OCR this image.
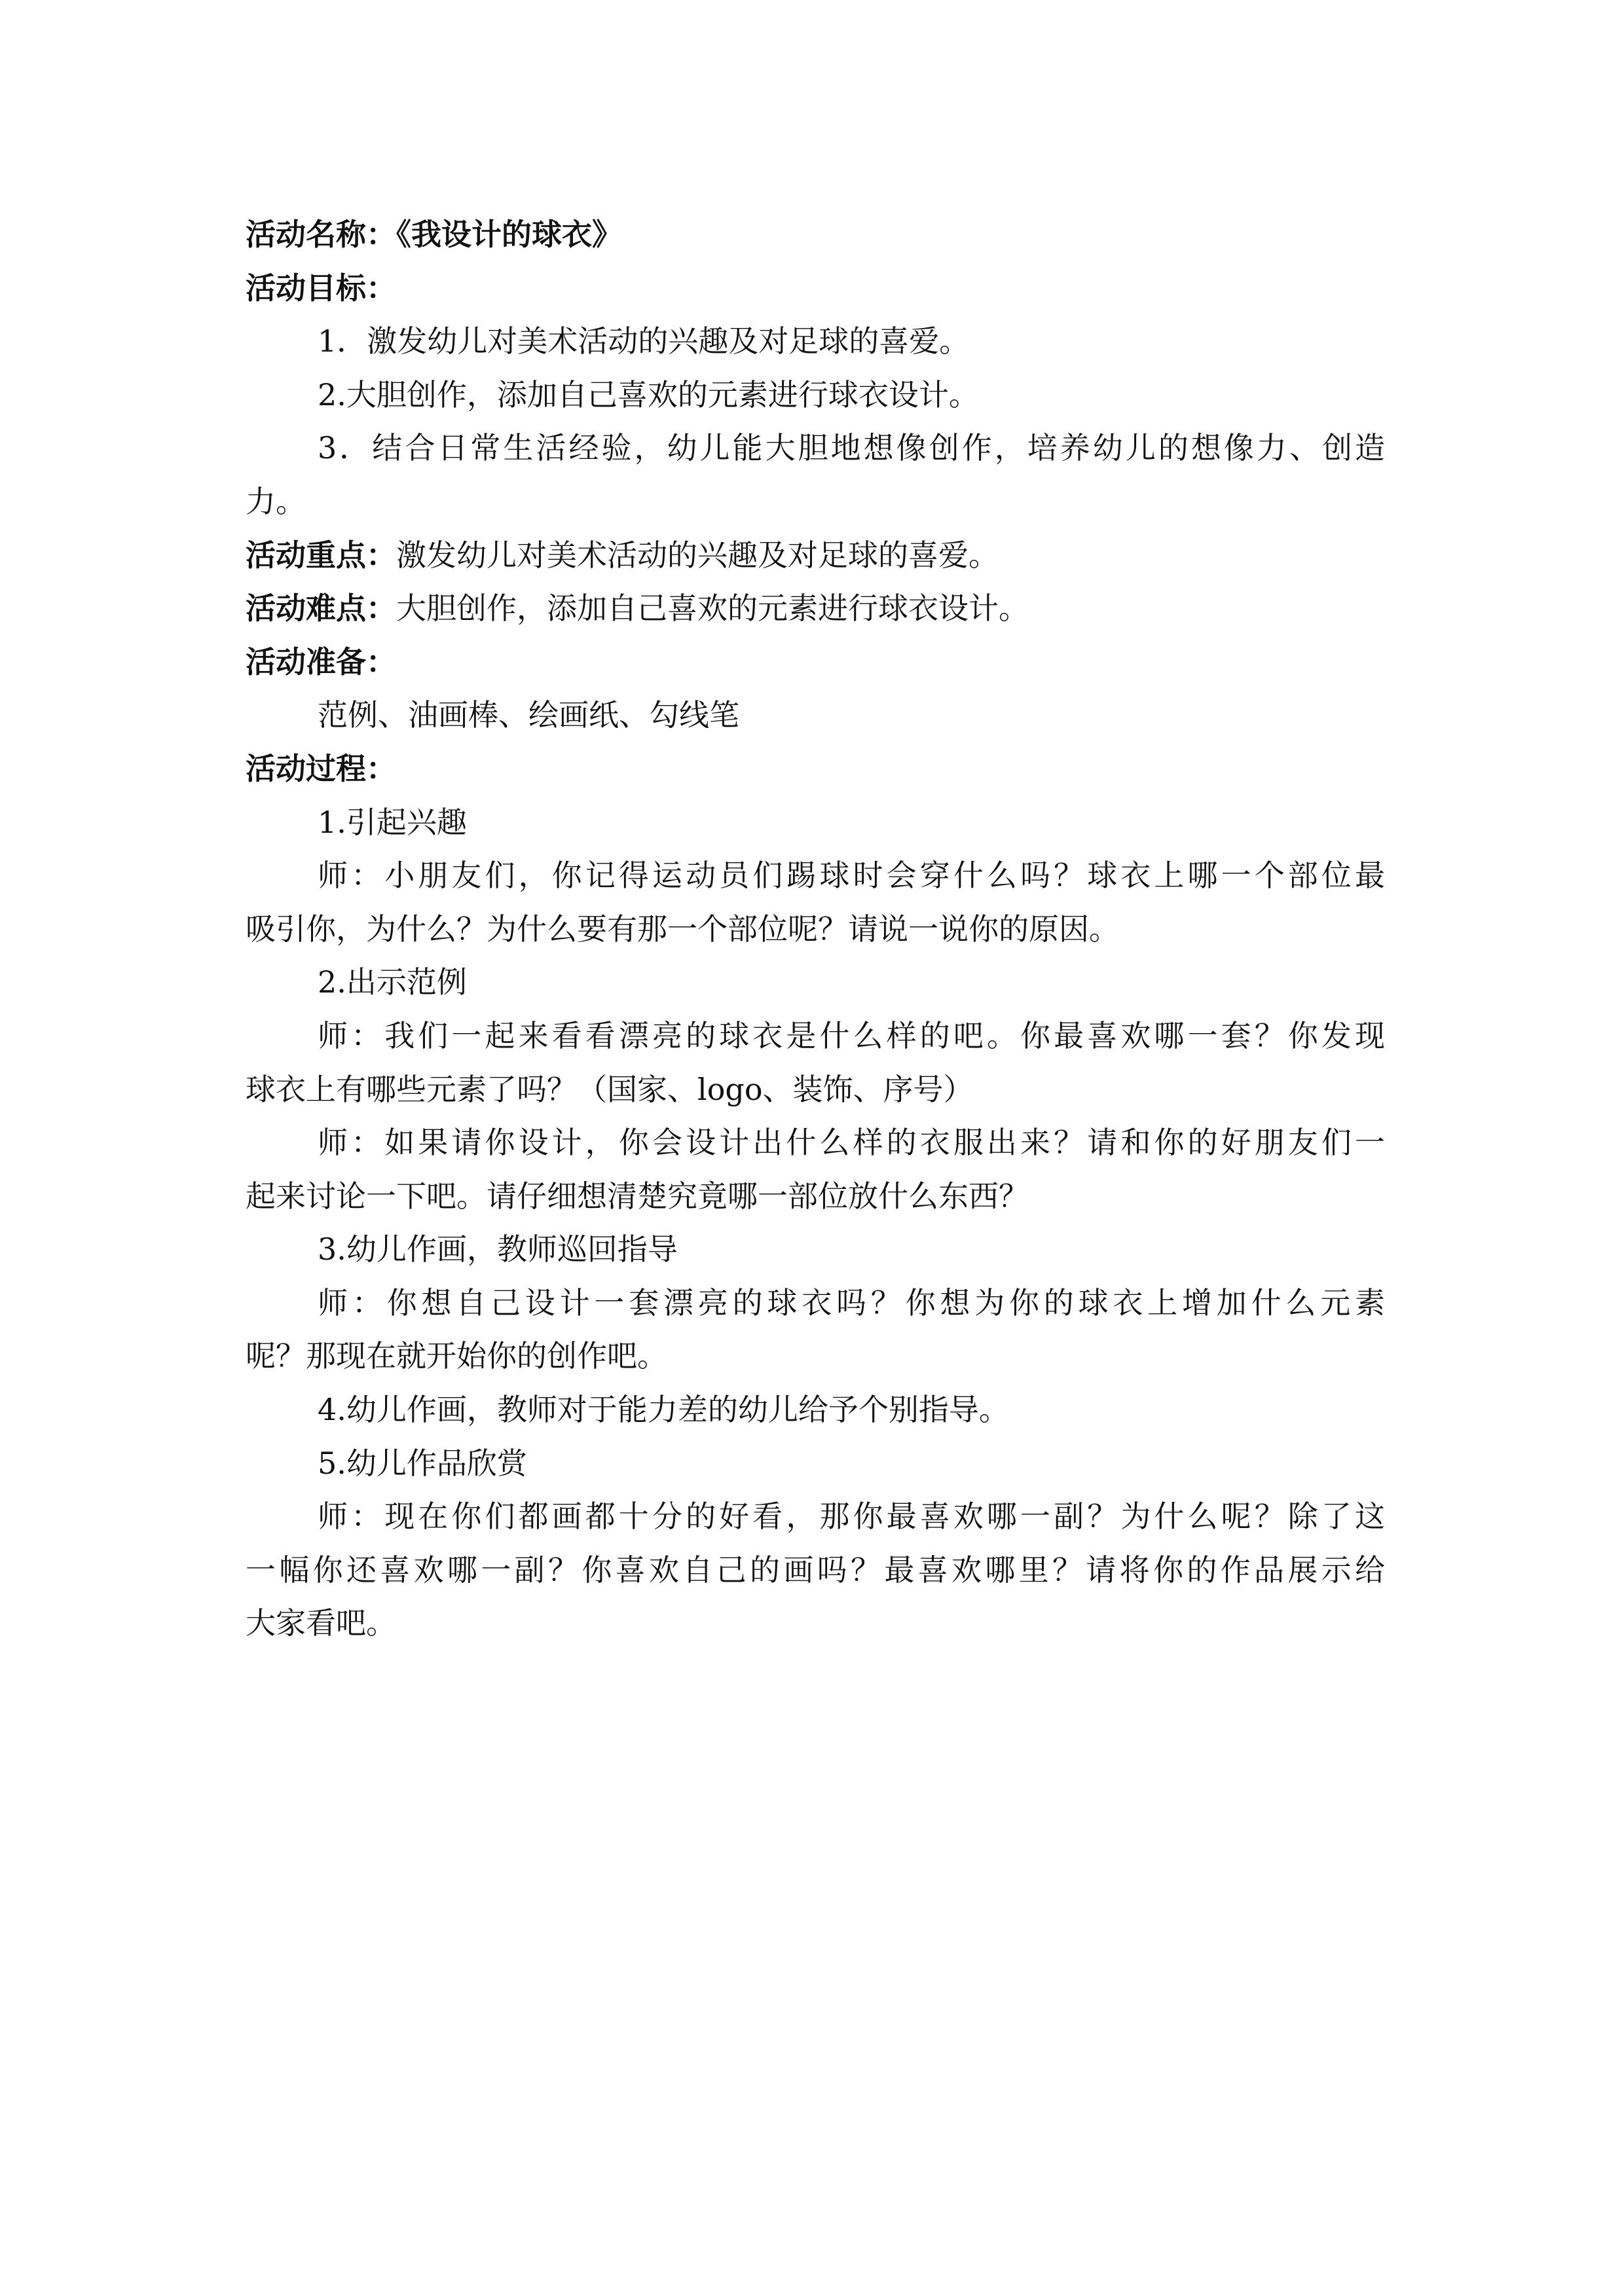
活动名称：《我设计的球衣》
活动目标：
1．激发幼儿对美术活动的兴趣及对足球的喜爱。
2.大胆创作，添加自己喜欢的元素进行球衣设计。
3．结合日常生活经验，幼儿能大胆地想像创作，培养幼儿的想像力、创造
力。
活动重点：激发幼儿对美术活动的兴趣及对足球的喜爱。
活动难点：大胆创作，添加自己喜欢的元素进行球衣设计。
活动准备：
范例、油画棒、绘画纸、勾线笔
活动过程：
1.引起兴趣
师：小朋友们，你记得运动员们踢球时会穿什么吗？球衣上哪一个部位最
吸引你，为什么？为什么要有那一个部位呢？请说一说你的原因。
2.出示范例
师：我们一起来看看漂亮的球衣是什么样的吧。你最喜欢哪一套？你发现
球衣上有哪些元素了吗？（国家、logo、装饰、序号）
师：如果请你设计，你会设计出什么样的衣服出来？请和你的好朋友们一
起来讨论一下吧。请仔细想清楚究竟哪一部位放什么东西？
3.幼儿作画，教师巡回指导
师：你想自己设计一套漂亮的球衣吗？你想为你的球衣上增加什么元素
呢？那现在就开始你的创作吧。
4.幼儿作画，教师对于能力差的幼儿给予个别指导。
5.幼儿作品欣赏
师：现在你们都画都十分的好看，那你最喜欢哪一副？为什么呢？除了这
一幅你还喜欢哪一副？你喜欢自己的画吗？最喜欢哪里？请将你的作品展示给
大家看吧。
